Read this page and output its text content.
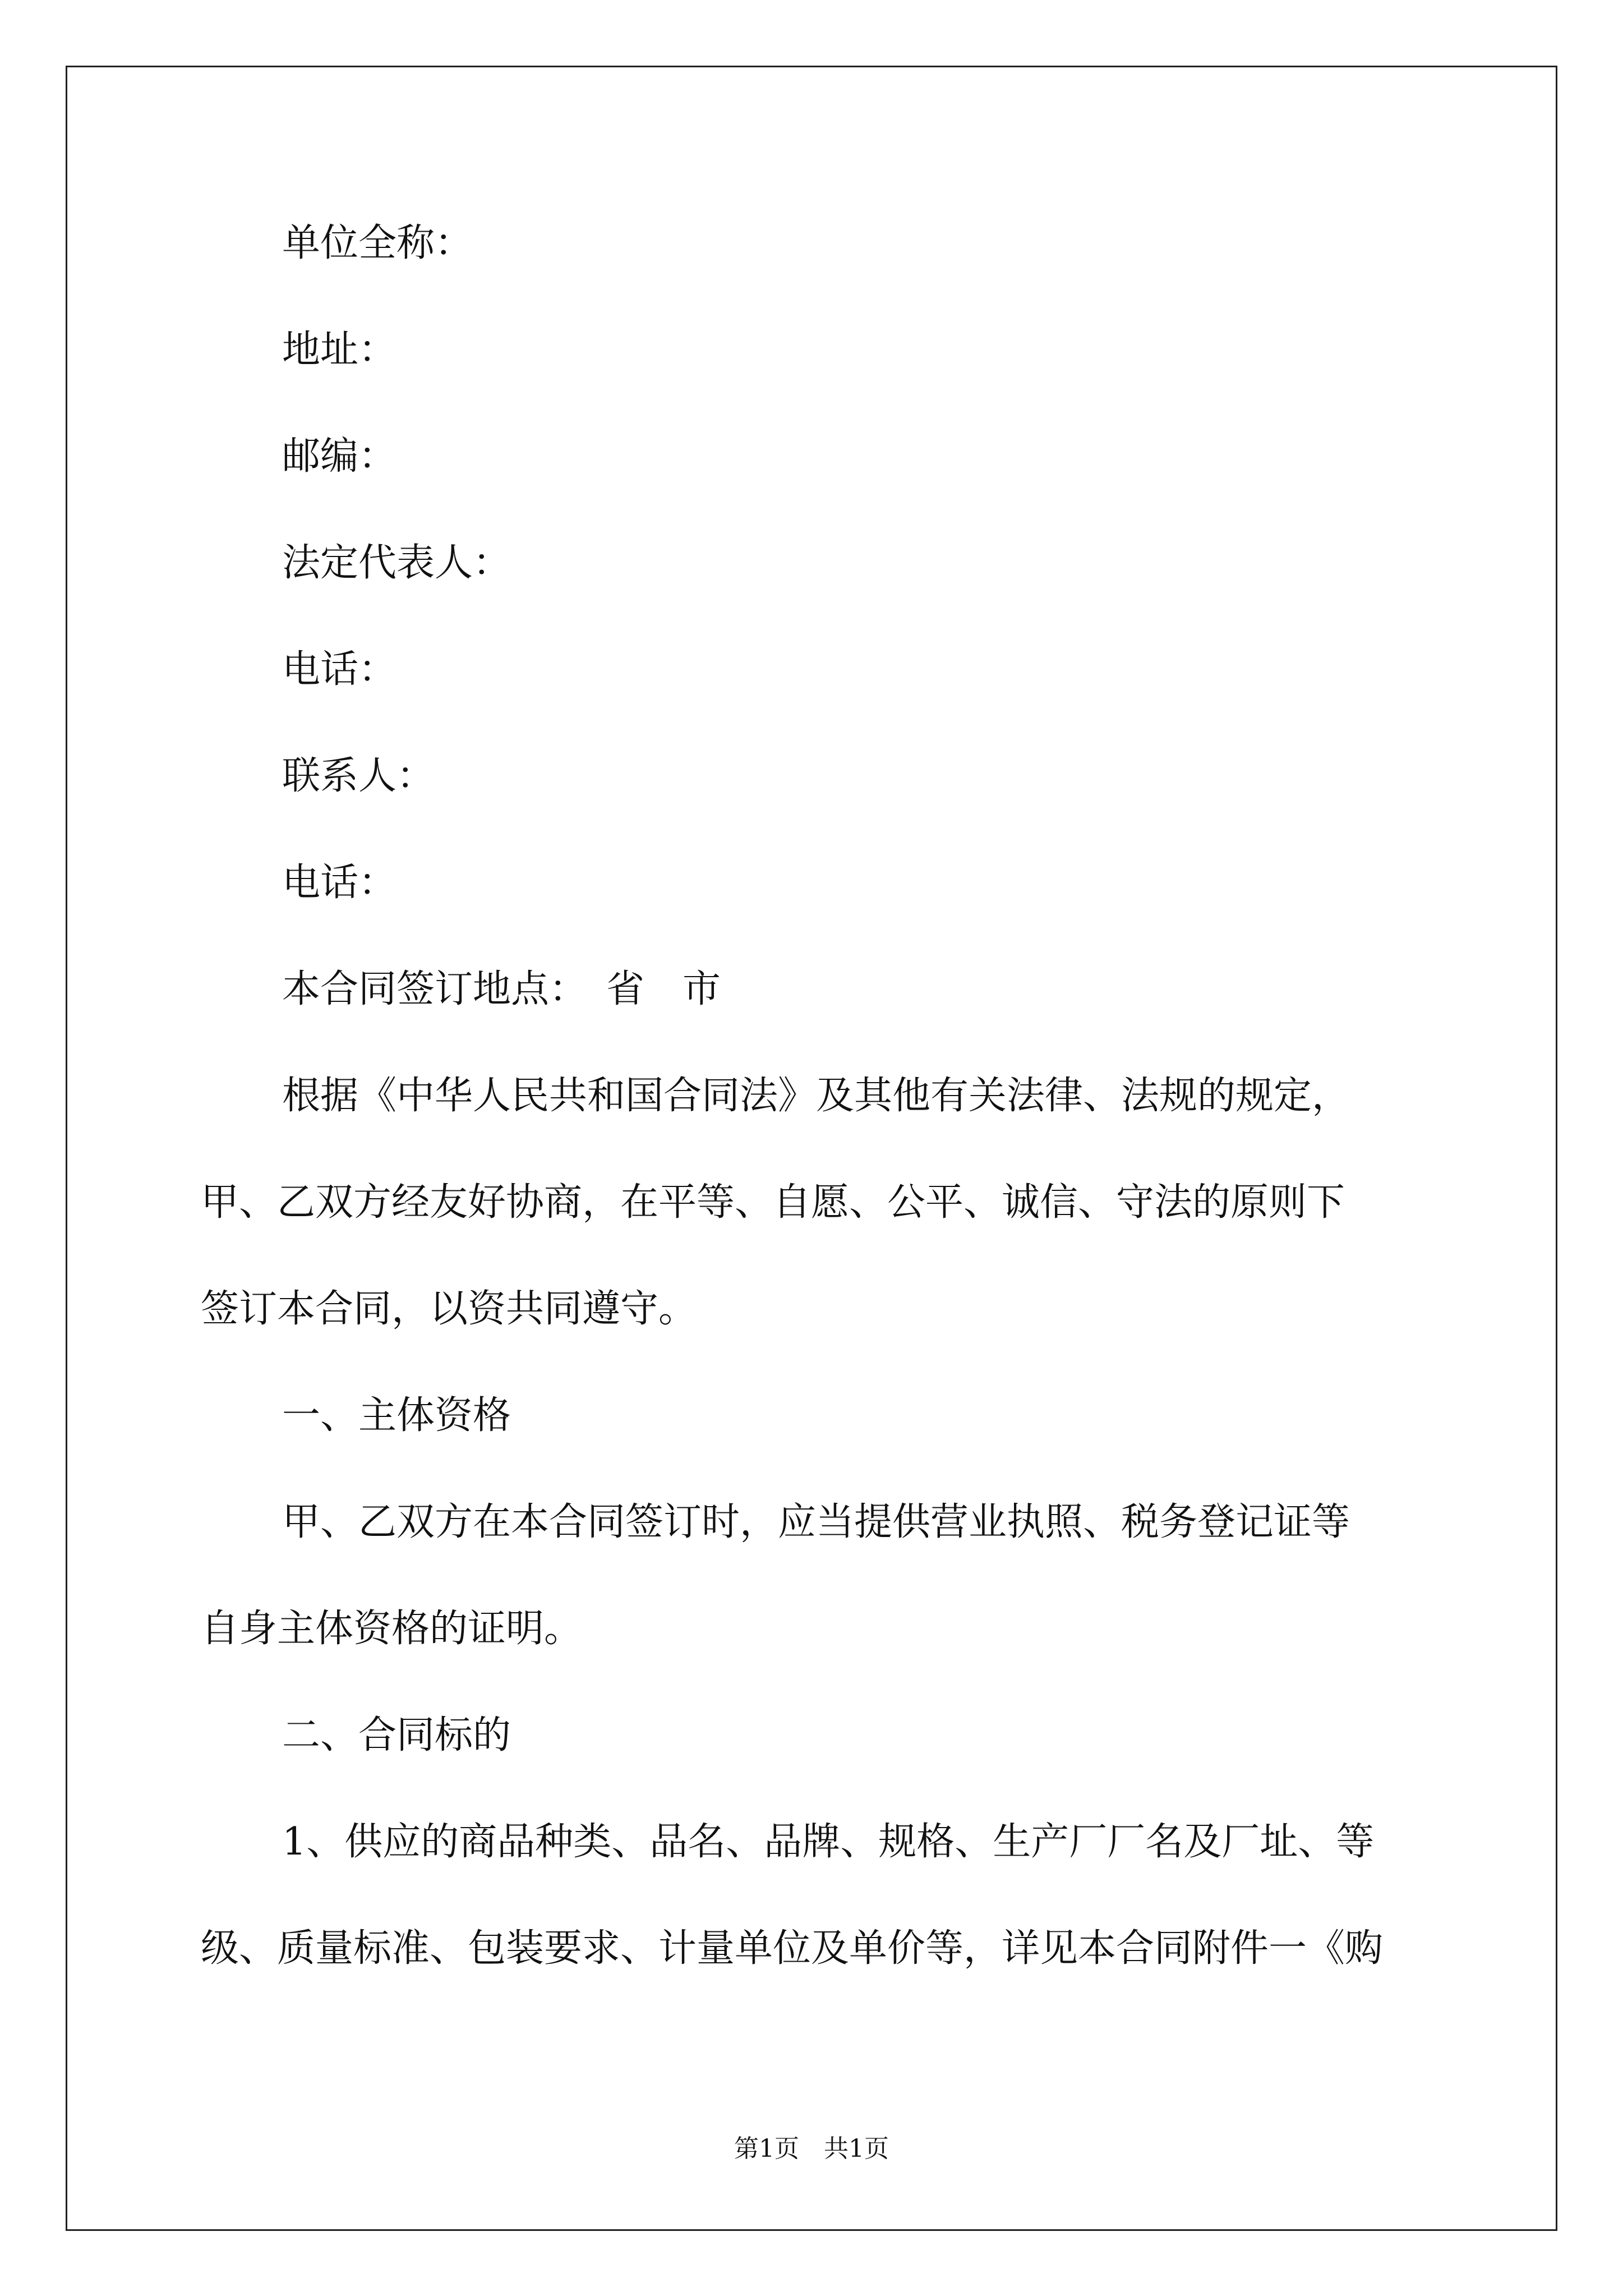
单位全称：
地址：
邮编：
法定代表人：
电话：
联系人：
电话：
本合同签订地点：　省　市
根据《中华人民共和国合同法》及其他有关法律、法规的规定，
甲、乙双方经友好协商，在平等、自愿、公平、诚信、守法的原则下
签订本合同，以资共同遵守。
一、主体资格
甲、乙双方在本合同签订时，应当提供营业执照、税务登记证等
自身主体资格的证明。
二、合同标的
1、供应的商品种类、品名、品牌、规格、生产厂厂名及厂址、等
级、质量标准、包装要求、计量单位及单价等，详见本合同附件一《购
第1页　共1页
